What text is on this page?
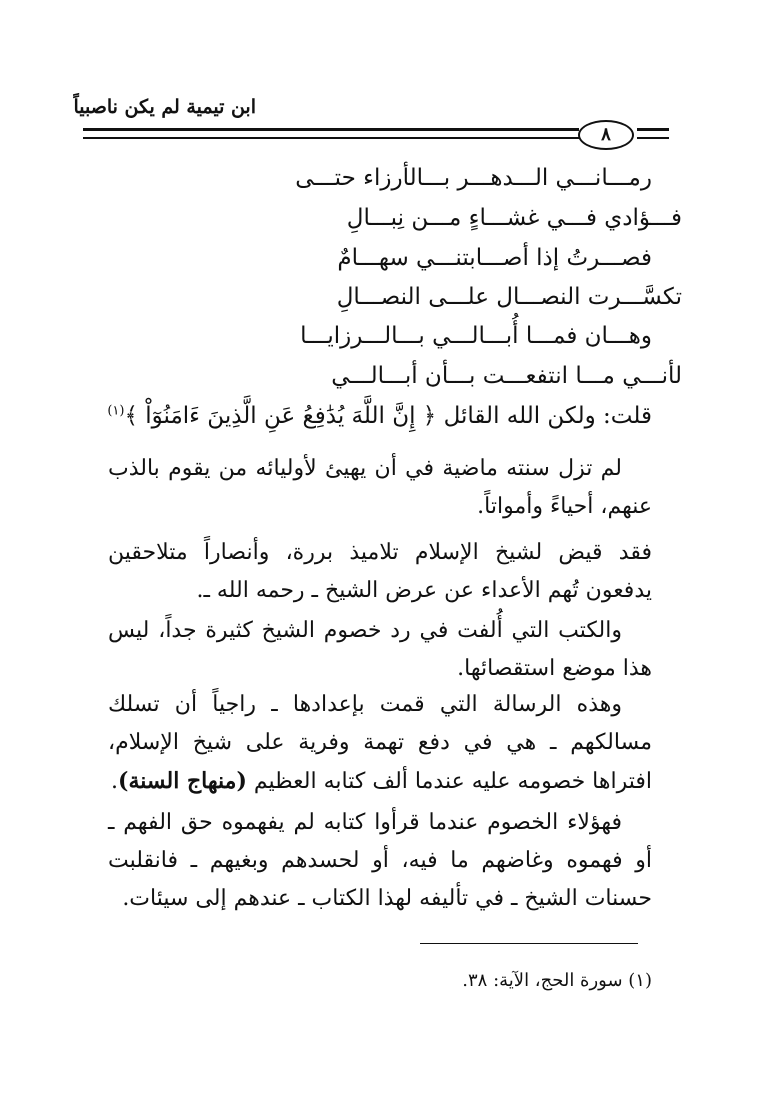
ابن تيمية لم يكن ناصبياً
٨
رمـــانـــي الـــدهـــر بـــالأرزاء حتـــى
فـــؤادي فـــي غشـــاءٍ مـــن نِبـــالِ
فصـــرتُ إذا أصـــابتنـــي سهـــامٌ
تكسَّـــرت النصـــال علـــى النصـــالِ
وهـــان فمـــا أُبـــالـــي بـــالـــرزايـــا
لأنـــي مـــا انتفعـــت بـــأن أبـــالـــي
قلت: ولكن الله القائل ﴿ إِنَّ اللَّهَ يُدَٰفِعُ عَنِ الَّذِينَ ءَامَنُوٓاْ ﴾$^{(١)}$
لم تزل سنته ماضية في أن يهيئ لأوليائه من يقوم بالذب عنهم، أحياءً وأمواتاً.
فقد قيض لشيخ الإسلام تلاميذ بررة، وأنصاراً متلاحقين يدفعون تُهم الأعداء عن عرض الشيخ ـ رحمه الله ـ.
والكتب التي أُلفت في رد خصوم الشيخ كثيرة جداً، ليس هذا موضع استقصائها.
وهذه الرسالة التي قمت بإعدادها ـ راجياً أن تسلك مسالكهم ـ هي في دفع تهمة وفرية على شيخ الإسلام، افتراها خصومه عليه عندما ألف كتابه العظيم (منهاج السنة).
فهؤلاء الخصوم عندما قرأوا كتابه لم يفهموه حق الفهم ـ أو فهموه وغاضهم ما فيه، أو لحسدهم وبغيهم ـ فانقلبت حسنات الشيخ ـ في تأليفه لهذا الكتاب ـ عندهم إلى سيئات.
(١) سورة الحج، الآية: ٣٨.
